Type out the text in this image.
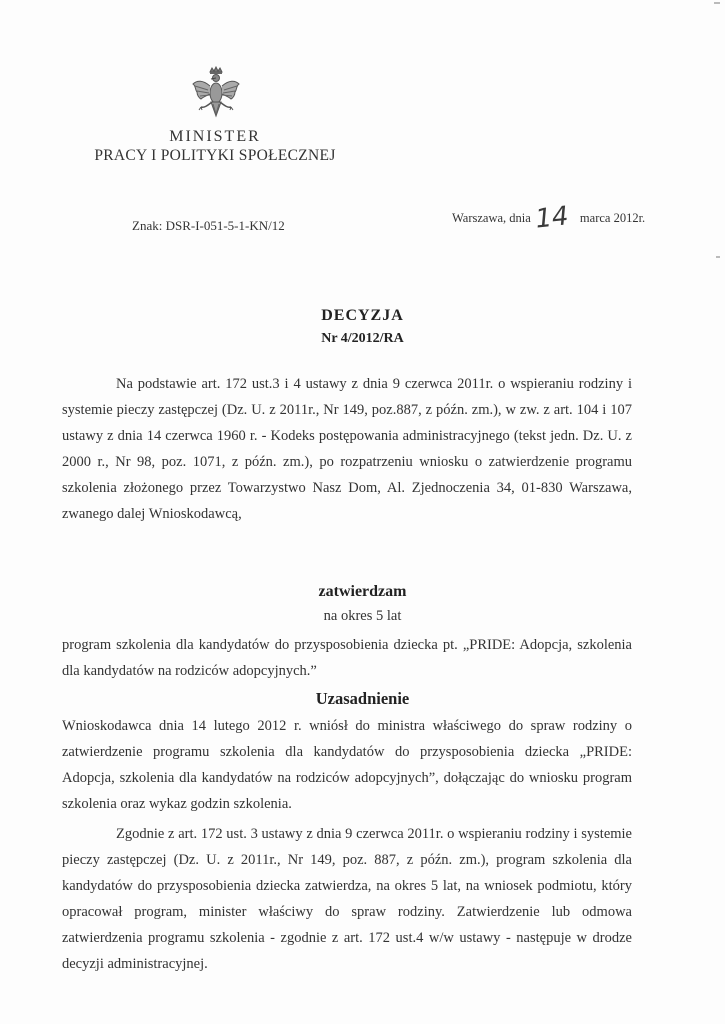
MINISTER
PRACY I POLITYKI SPOŁECZNEJ
Warszawa, dnia 14 marca 2012r.
Znak: DSR-I-051-5-1-KN/12
DECYZJA
Nr 4/2012/RA
Na podstawie art. 172 ust.3 i 4 ustawy z dnia 9 czerwca 2011r. o wspieraniu rodziny i systemie pieczy zastępczej (Dz. U. z 2011r., Nr 149, poz.887, z późn. zm.), w zw. z art. 104 i 107 ustawy z dnia 14 czerwca 1960 r. - Kodeks postępowania administracyjnego (tekst jedn. Dz. U. z 2000 r., Nr 98, poz. 1071, z późn. zm.), po rozpatrzeniu wniosku o zatwierdzenie programu szkolenia złożonego przez Towarzystwo Nasz Dom, Al. Zjednoczenia 34, 01-830 Warszawa, zwanego dalej Wnioskodawcą,
zatwierdzam
na okres 5 lat
program szkolenia dla kandydatów do przysposobienia dziecka pt. „PRIDE: Adopcja, szkolenia dla kandydatów na rodziców adopcyjnych.”
Uzasadnienie
Wnioskodawca dnia 14 lutego 2012 r. wniósł do ministra właściwego do spraw rodziny o zatwierdzenie programu szkolenia dla kandydatów do przysposobienia dziecka „PRIDE: Adopcja, szkolenia dla kandydatów na rodziców adopcyjnych”, dołączając do wniosku program szkolenia oraz wykaz godzin szkolenia.
Zgodnie z art. 172 ust. 3 ustawy z dnia 9 czerwca 2011r. o wspieraniu rodziny i systemie pieczy zastępczej (Dz. U. z 2011r., Nr 149, poz. 887, z późn. zm.), program szkolenia dla kandydatów do przysposobienia dziecka zatwierdza, na okres 5 lat, na wniosek podmiotu, który opracował program, minister właściwy do spraw rodziny. Zatwierdzenie lub odmowa zatwierdzenia programu szkolenia - zgodnie z art. 172 ust.4 w/w ustawy - następuje w drodze decyzji administracyjnej.
